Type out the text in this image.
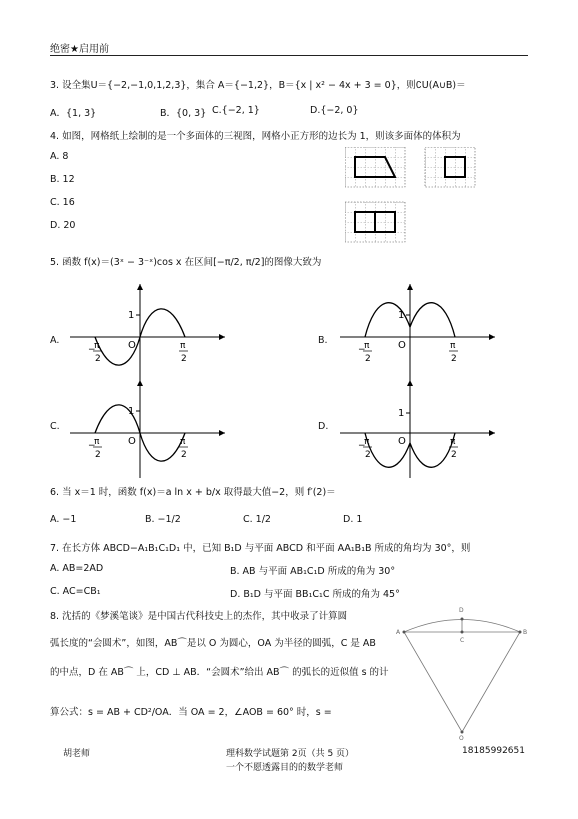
绝密★启用前
3. 设全集U＝{−2,−1,0,1,2,3}，集合 A＝{−1,2}，B＝{x | x² − 4x + 3 = 0}，则∁U(A∪B)＝
A．{1, 3}	B．{0, 3} C.{−2, 1}	D.{−2, 0}
4. 如图，网格纸上绘制的是一个多面体的三视图，网格小正方形的边长为 1，则该多面体的体积为
A. 8
B. 12
C. 16
D. 20
5. 函数 f(x)＝(3ˣ − 3⁻ˣ)cos x 在区间[−π/2, π/2]的图像大致为
A.
1
O
−
π
2
π
2
B.
1
O
−
π
2
π
2
C.
1
O
−
π
2
π
2
D.
1
O
−
π
2
π
2
6. 当 x＝1 时，函数 f(x)＝a ln x + b/x 取得最大值−2，则 f′(2)＝
A. −1	B. −1/2	C. 1/2	D. 1
7. 在长方体 ABCD−A₁B₁C₁D₁ 中，已知 B₁D 与平面 ABCD 和平面 AA₁B₁B 所成的角均为 30°，则
A. AB=2AD	B. AB 与平面 AB₁C₁D 所成的角为 30°
C. AC=CB₁	D. B₁D 与平面 BB₁C₁C 所成的角为 45°
8. 沈括的《梦溪笔谈》是中国古代科技史上的杰作，其中收录了计算圆
弧长度的“会圆术”，如图，AB⌒是以 O 为圆心，OA 为半径的圆弧，C 是 AB
的中点，D 在 AB⌒ 上，CD ⊥ AB．“会圆术”给出 AB⌒ 的弧长的近似值 s 的计
算公式：s = AB + CD²/OA．当 OA = 2，∠AOB = 60° 时，s =
A	B
D
C
O
胡老师	理科数学试题第 2页（共 5 页）	18185992651
一个不愿透露目的的数学老师
